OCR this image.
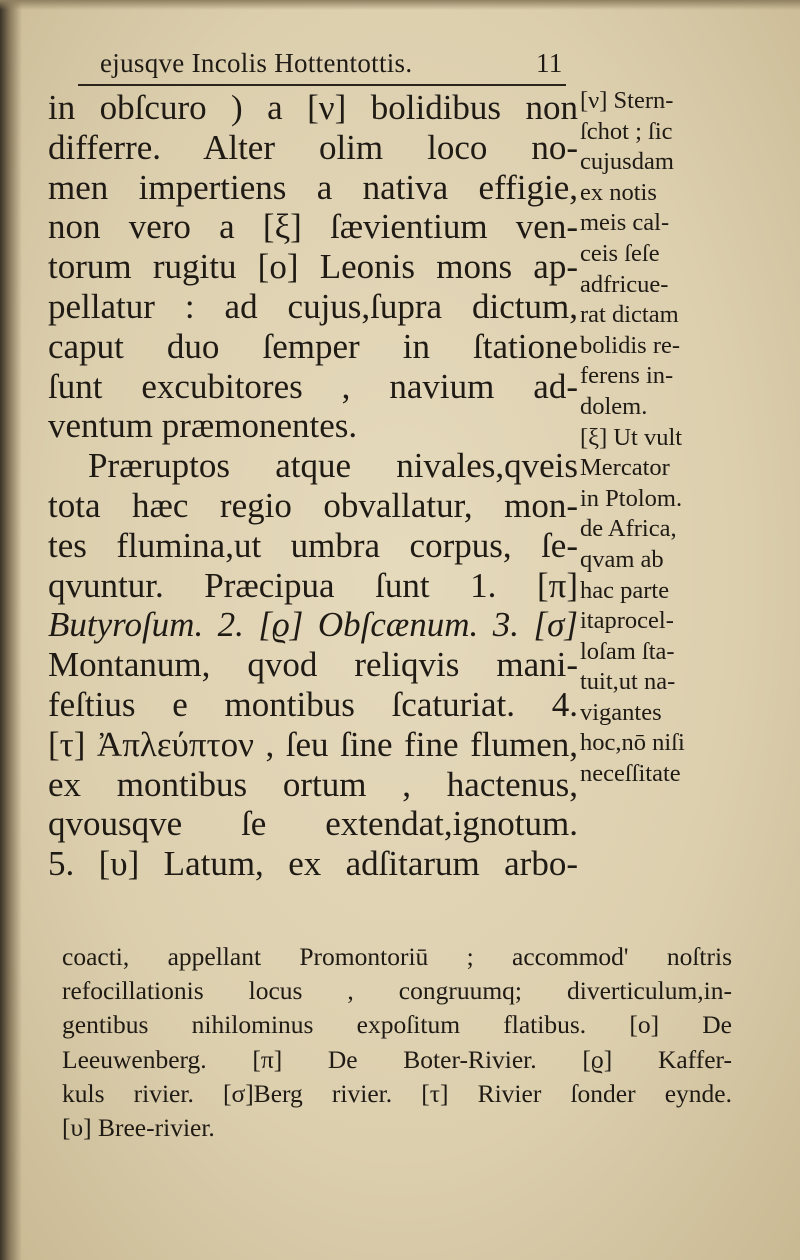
ejusqve Incolis Hottentottis.	11
in obſcuro ) a [ν] bolidibus non
differre. Alter olim loco no-
men impertiens a nativa effigie,
non vero a [ξ] ſævientium ven-
torum rugitu [ο] Leonis mons ap-
pellatur : ad cujus,ſupra dictum,
caput duo ſemper in ſtatione
ſunt excubitores , navium ad-
ventum præmonentes.
Præruptos atque nivales,qveis
tota hæc regio obvallatur, mon-
tes flumina,ut umbra corpus, ſe-
qvuntur. Præcipua ſunt 1. [π]
Butyroſum. 2. [ϱ] Obſcænum. 3. [σ]
Montanum, qvod reliqvis mani-
feſtius e montibus ſcaturiat. 4.
[τ] Ἀπλεύπτον , ſeu ſine fine flumen,
ex montibus ortum , hactenus,
qvousqve ſe extendat,ignotum.
5. [υ] Latum, ex adſitarum arbo-
[ν] Stern-
ſchot ; ſic
cujusdam
ex notis
meis cal-
ceis ſeſe
adfricue-
rat dictam
bolidis re-
ferens in-
dolem.
[ξ] Ut vult
Mercator
in Ptolom.
de Africa,
qvam ab
hac parte
itaprocel-
loſam ſta-
tuit,ut na-
vigantes
hoc,nō niſi
neceſſitate
coacti, appellant Promontoriū ; accommod' noſtris
refocillationis locus , congruumq; diverticulum,in-
gentibus nihilominus expoſitum flatibus. [ο] De
Leeuwenberg. [π] De Boter-Rivier. [ϱ] Kaffer-
kuls rivier. [σ]Berg rivier. [τ] Rivier ſonder eynde.
[υ] Bree-rivier.
